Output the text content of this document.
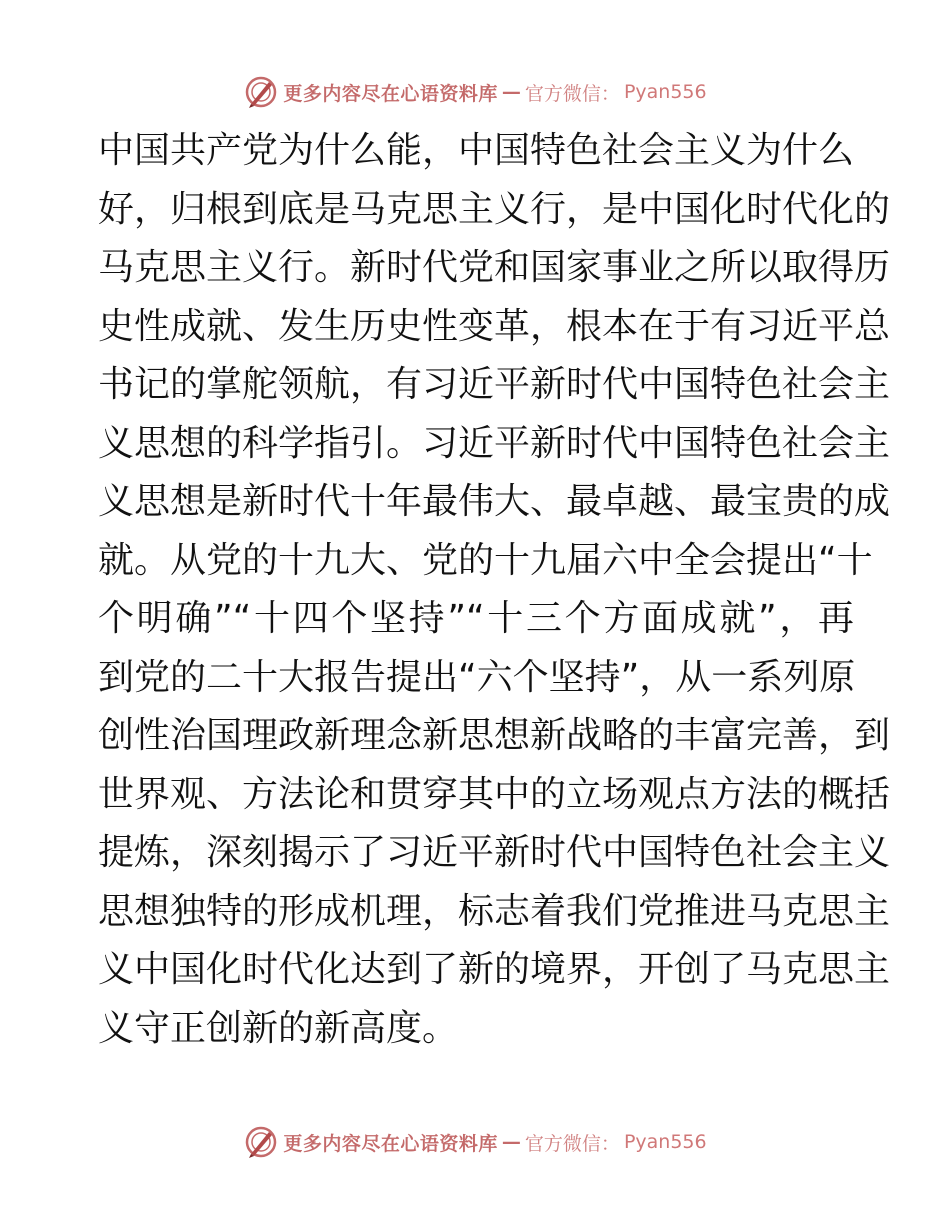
更多内容尽在心语资料库 — 官方微信： Pyan556
中国共产党为什么能，中国特色社会主义为什么
好，归根到底是马克思主义行，是中国化时代化的
马克思主义行。新时代党和国家事业之所以取得历
史性成就、发生历史性变革，根本在于有习近平总
书记的掌舵领航，有习近平新时代中国特色社会主
义思想的科学指引。习近平新时代中国特色社会主
义思想是新时代十年最伟大、最卓越、最宝贵的成
就。从党的十九大、党的十九届六中全会提出“十
个明确”“十四个坚持”“十三个方面成就”，再
到党的二十大报告提出“六个坚持”，从一系列原
创性治国理政新理念新思想新战略的丰富完善，到
世界观、方法论和贯穿其中的立场观点方法的概括
提炼，深刻揭示了习近平新时代中国特色社会主义
思想独特的形成机理，标志着我们党推进马克思主
义中国化时代化达到了新的境界，开创了马克思主
义守正创新的新高度。
更多内容尽在心语资料库 — 官方微信： Pyan556
